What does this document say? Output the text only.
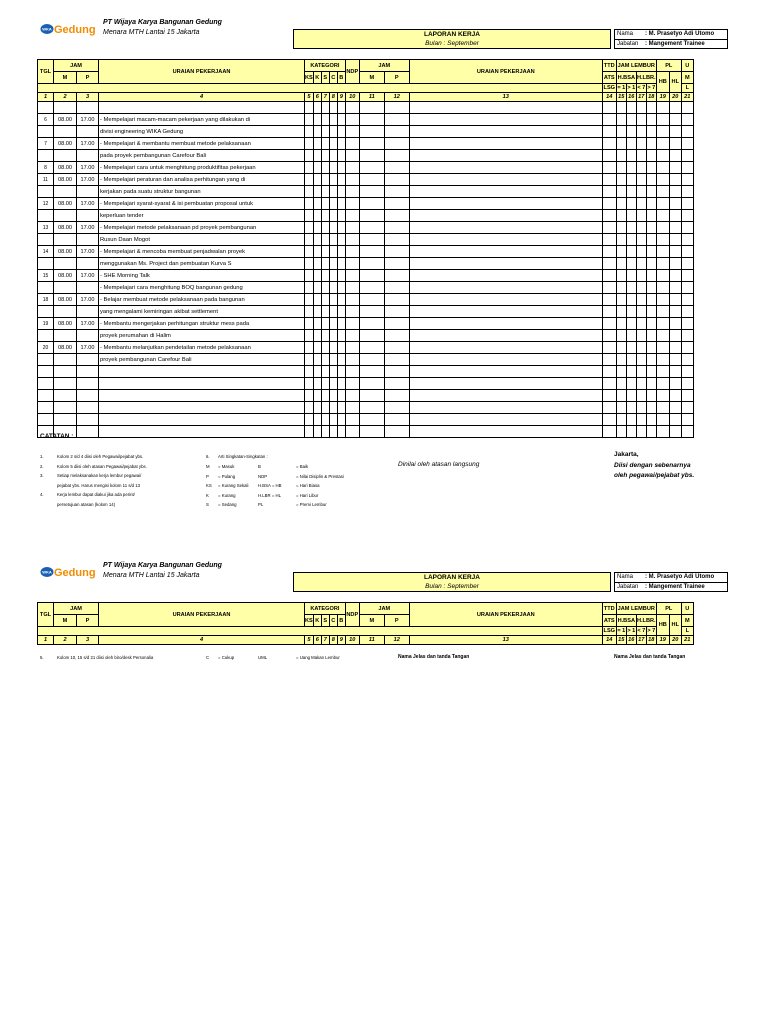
WKA Gedung
PT Wijaya Karya Bangunan Gedung
Menara MTH Lantai 15 Jakarta	LAPORAN KERJA
Bulan : September
Nama	: M. Prasetyo Adi Utomo
Jabatan	: Mangement Trainee
TGL	JAM		URAIAN PEKERJAAN	KATEGORI					NDP	JAM		URAIAN PEKERJAAN	TTD	JAM LEMBUR				PL		U
	M	P		KS	K	S	C	B		M	P		ATS	H.BSA		H.LBR.		HB	HL	M
													LSG	= 1	> 1	< 7	> 7			L
1	2	3	4	5	6	7	8	9	10	11	12	13	14	15	16	17	18	19	20	21

6	08.00	17.00	- Mempelajari macam-macam pekerjaan yang dilakukan di																	
			divisi engineering WIKA Gedung																	
7	08.00	17.00	- Mempelajari & membantu membuat metode pelaksanaan																	
			pada proyek pembangunan Carefour Bali																	
8	08.00	17.00	- Mempelajari cara untuk menghitung produktifitas pekerjaan																	
11	08.00	17.00	- Mempelajari peraturan dan analisa perhitungan yang di																	
			kerjakan pada suatu struktur bangunan																	
12	08.00	17.00	- Mempelajari syarat-syarat & isi pembuatan proposal untuk																	
			keperluan tender																	
13	08.00	17.00	- Mempelajari metode pelaksanaan pd proyek pembangunan																	
			Rusun Daan Mogot																	
14	08.00	17.00	- Mempelajari & mencoba membuat penjadwalan proyek																	
			menggunakan Ms. Project dan pembuatan Kurva S																	
15	08.00	17.00	- SHE Morning Talk																	
			- Mempelajari cara menghitung BOQ bangunan gedung																	
18	08.00	17.00	- Belajar membuat metode pelaksanaan pada bangunan																	
			yang mengalami kemiringan akibat settlement																	
19	08.00	17.00	- Membantu mengerjakan perhitungan struktur mess pada																	
			proyek perumahan di Halim																	
20	08.00	17.00	- Membantu melanjutkan pendetailan metode pelaksanaan																	
			proyek pembangunan Carefour Bali																	

CATATAN :
1.	Kolom 2 s/d 4 diisi oleh Pegawai/pejabat ybs.
2.	Kolom 5 diisi oleh atasan Pegawai/pejabat ybs.
3.	Setiap melaksanakan kerja lembur pegawai/
pejabat ybs. Harus mengisi kolom 11 s/d 13
4.	Kerja lembur dapat diakui jika ada perint/
persetujuan atasan (kolom 14)
6. Arti Singkatan-Singkatan :
M = Masuk	B	= Baik
P = Pulang	NDP	= Nilai Disiplin & Prestasi
KS = Kurang Sekali H.BSA = HB	= Hari Biasa
K = Kurang	H.LBR = HL	= Hari Libur
S = Sedang	PL	= Premi Lembur
Dinilai oleh atasan langsung
Jakarta,
Diisi dengan sebenarnya
oleh pegawai/pejabat ybs.
WKA Gedung
PT Wijaya Karya Bangunan Gedung
Menara MTH Lantai 15 Jakarta	LAPORAN KERJA
Bulan : September
Nama	: M. Prasetyo Adi Utomo
Jabatan	: Mangement Trainee
TGL	JAM		URAIAN PEKERJAAN	KATEGORI					NDP	JAM		URAIAN PEKERJAAN	TTD	JAM LEMBUR				PL		U
	M	P		KS	K	S	C	B		M	P		ATS	H.BSA		H.LBR.		HB	HL	M
													LSG	= 1	> 1	< 7	> 7			L
1	2	3	4	5	6	7	8	9	10	11	12	13	14	15	16	17	18	19	20	21
5.	Kolom 10, 15 s/d 21 diisi oleh biro/desk Personalia	C = Cukup	UML	= Uang Makan Lembur	Nama Jelas dan tanda Tangan	Nama Jelas dan tanda Tangan
